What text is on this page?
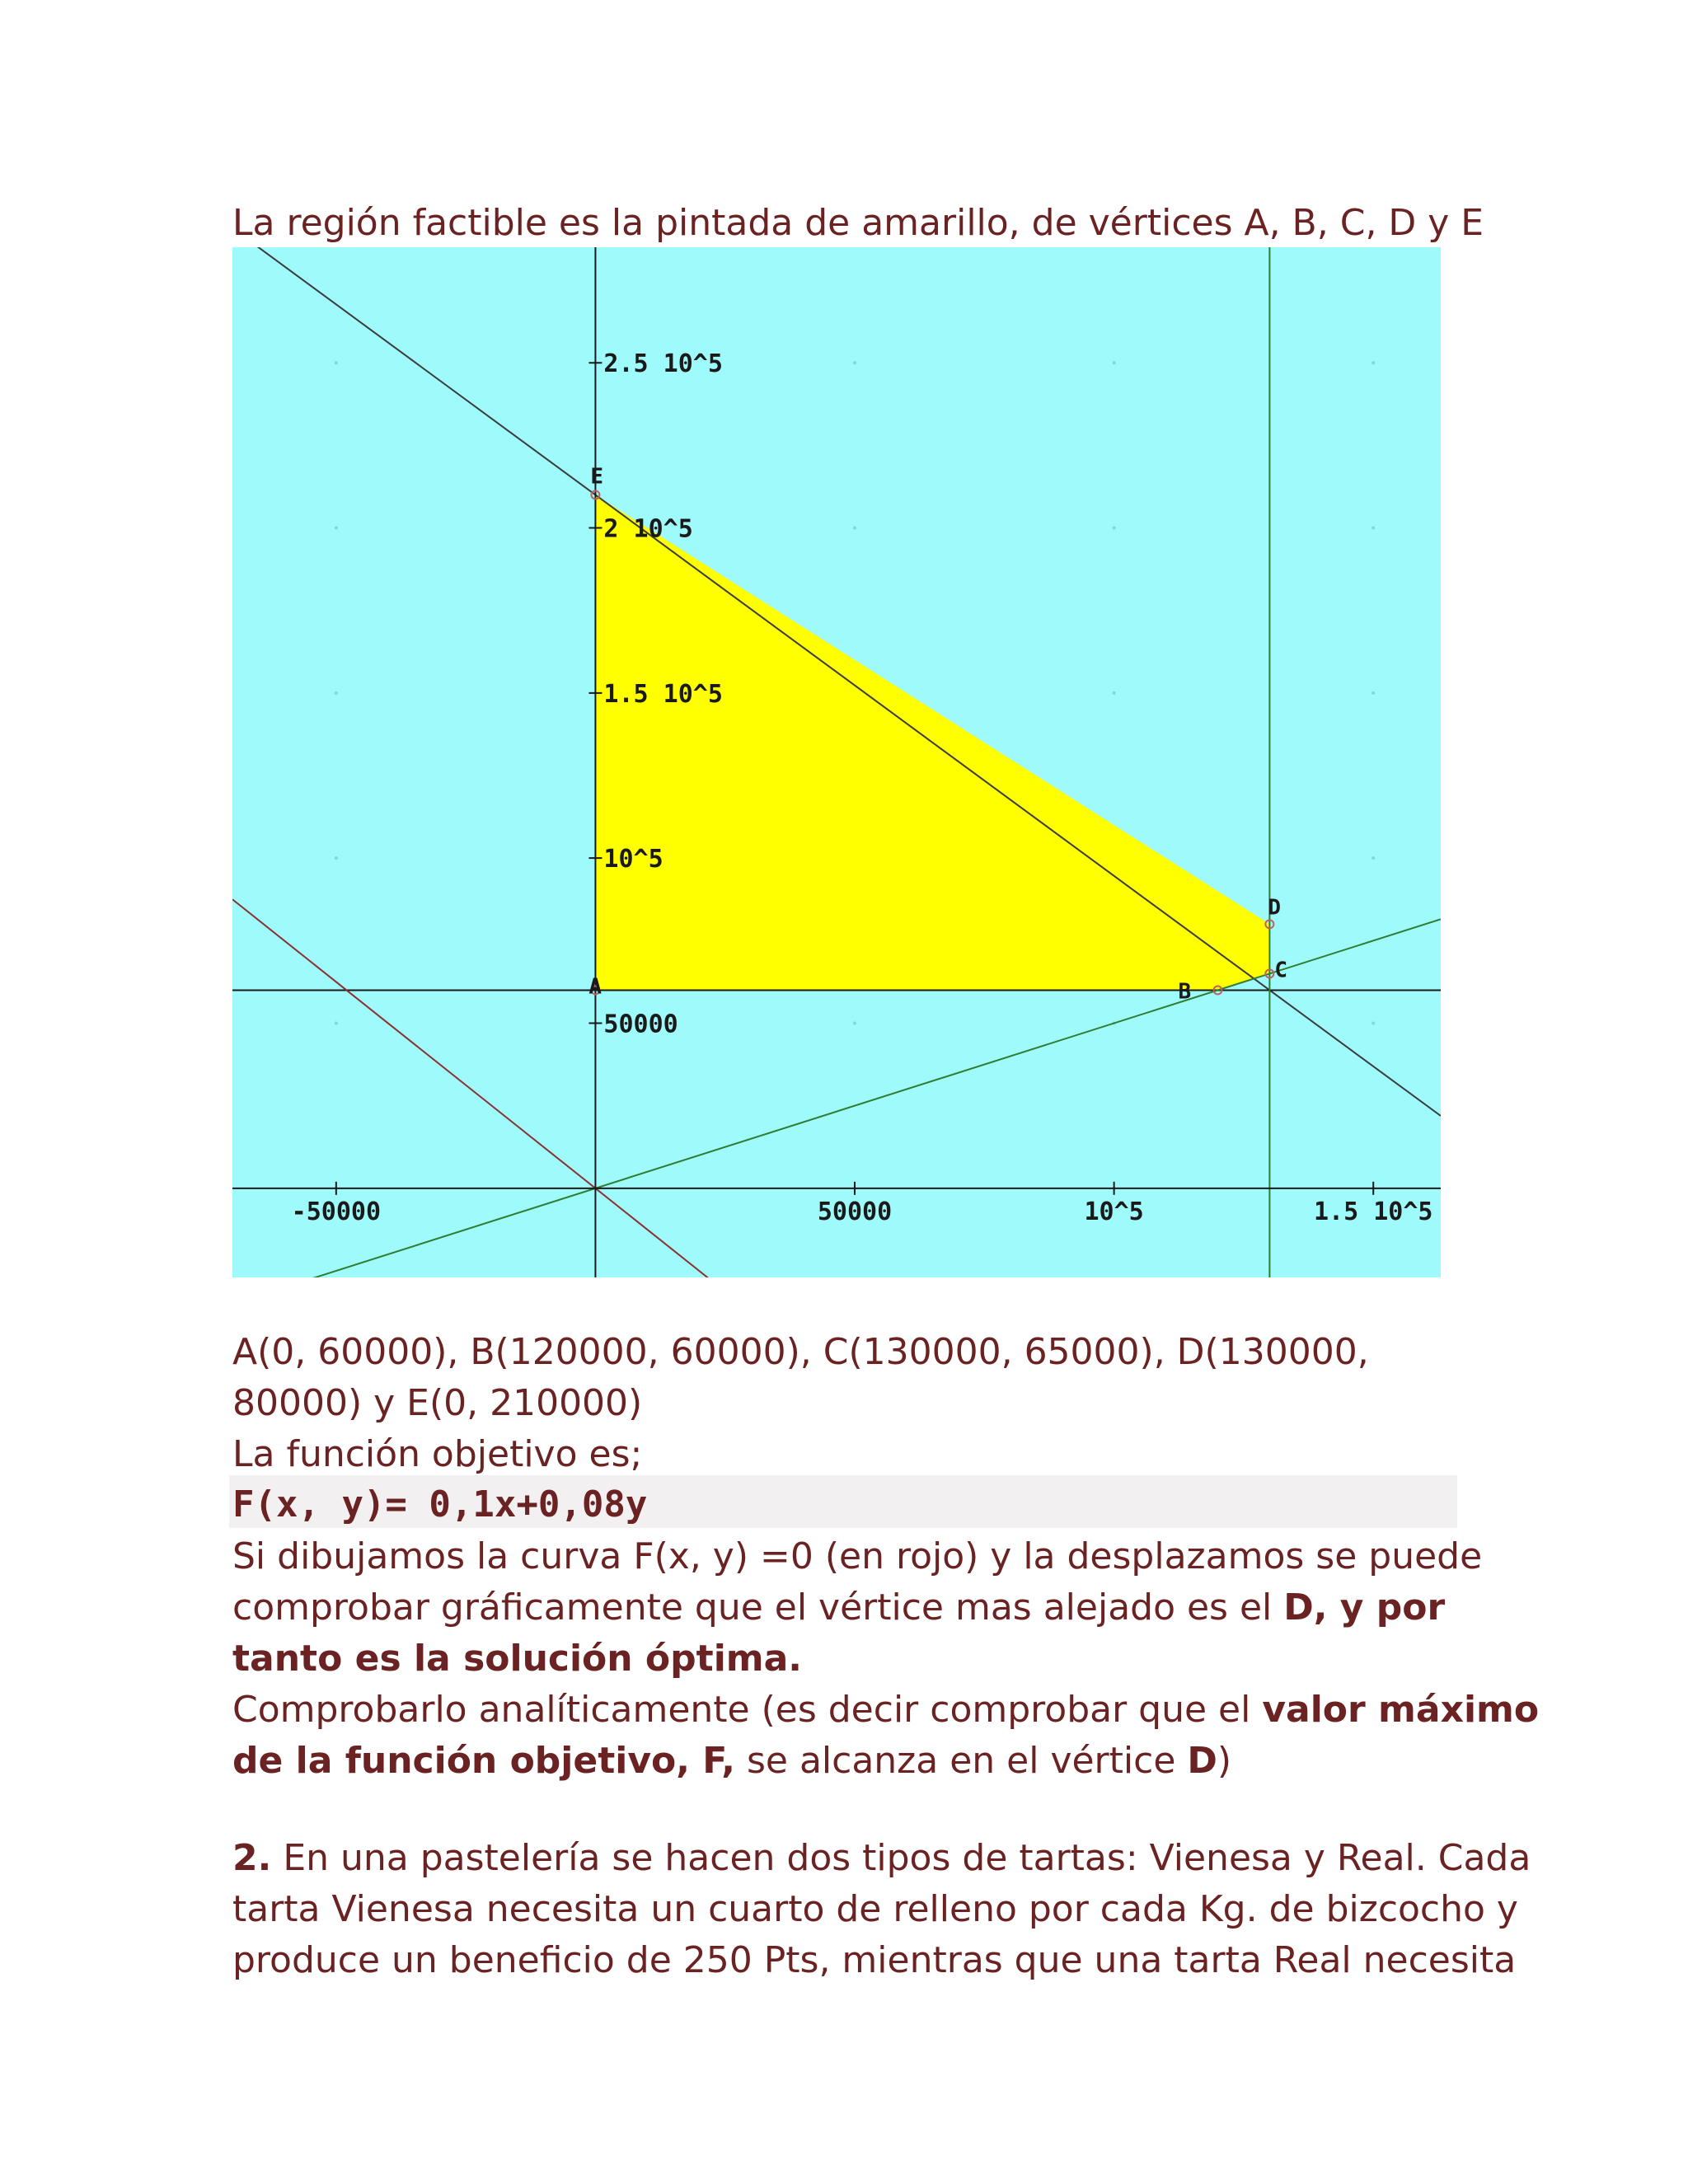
La región factible es la pintada de amarillo, de vértices A, B, C, D y E
-50000	50000	10^5	1.5 10^5
50000
10^5
1.5 10^5
2 10^5
2.5 10^5
A	B
C
D
E
A(0, 60000), B(120000, 60000), C(130000, 65000), D(130000,
80000) y E(0, 210000)
La función objetivo es;
F(x, y)= 0,1x+0,08y
Si dibujamos la curva F(x, y) =0 (en rojo) y la desplazamos se puede
comprobar gráficamente que el vértice mas alejado es el D, y por
tanto es la solución óptima.
Comprobarlo analíticamente (es decir comprobar que el valor máximo
de la función objetivo, F, se alcanza en el vértice D)
2. En una pastelería se hacen dos tipos de tartas: Vienesa y Real. Cada
tarta Vienesa necesita un cuarto de relleno por cada Kg. de bizcocho y
produce un beneficio de 250 Pts, mientras que una tarta Real necesita
